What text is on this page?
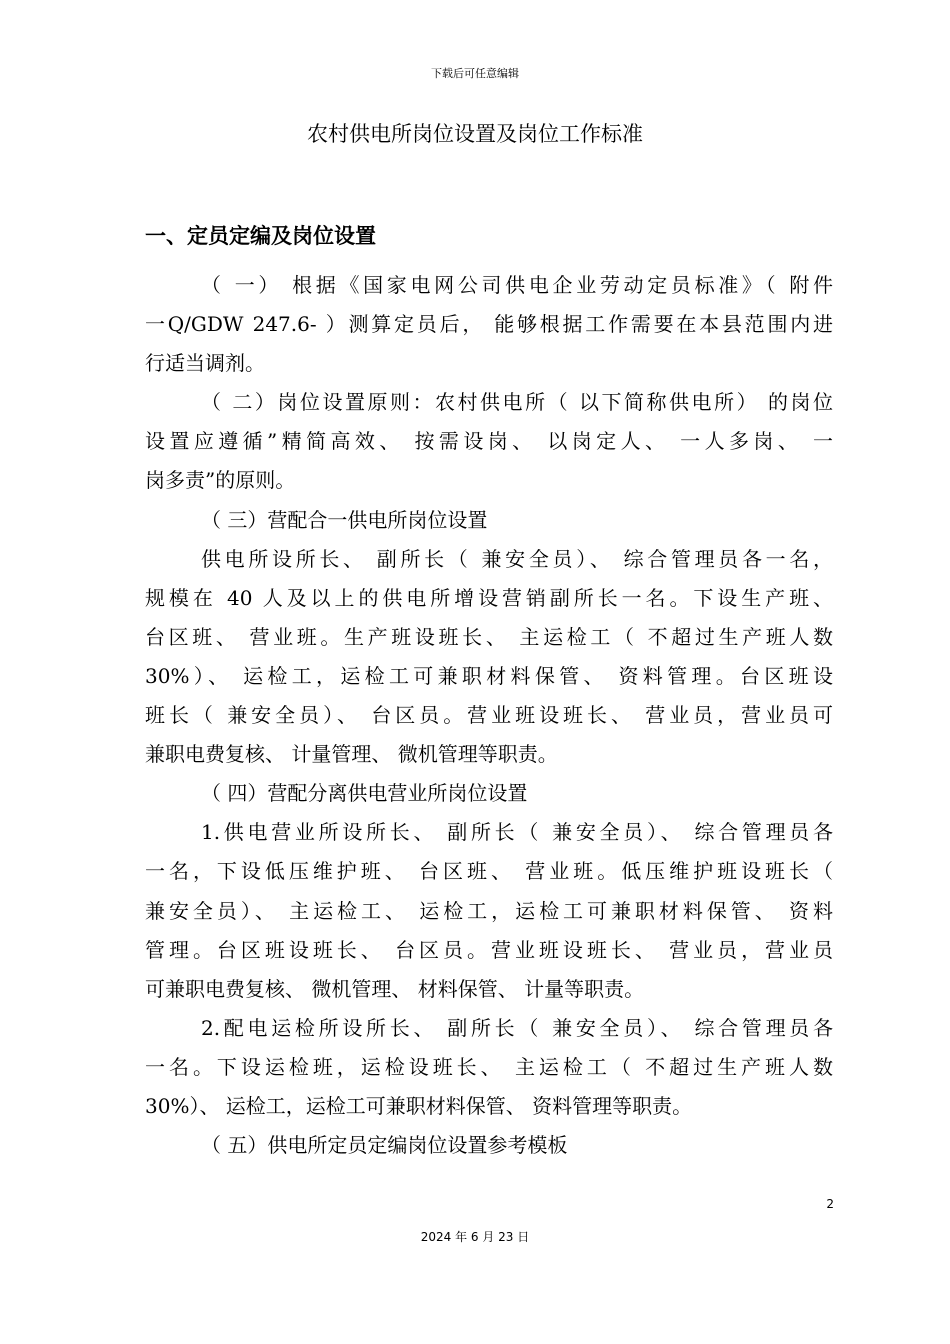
下载后可任意编辑
农村供电所岗位设置及岗位工作标准
一、定员定编及岗位设置
（ 一） 根据《国家电网公司供电企业劳动定员标准》（ 附件
一Q/GDW 247.6- ）测算定员后， 能够根据工作需要在本县范围内进
行适当调剂。
（ 二）岗位设置原则：农村供电所（ 以下简称供电所） 的岗位
设置应遵循”精简高效、 按需设岗、 以岗定人、 一人多岗、 一
岗多责”的原则。
（ 三）营配合一供电所岗位设置
供电所设所长、 副所长（ 兼安全员）、 综合管理员各一名，
规模在 40 人及以上的供电所增设营销副所长一名。下设生产班、
台区班、 营业班。生产班设班长、 主运检工（ 不超过生产班人数
30%）、 运检工，运检工可兼职材料保管、 资料管理。台区班设
班长（ 兼安全员）、 台区员。营业班设班长、 营业员，营业员可
兼职电费复核、 计量管理、 微机管理等职责。
（ 四）营配分离供电营业所岗位设置
1.供电营业所设所长、 副所长（ 兼安全员）、 综合管理员各
一名，下设低压维护班、 台区班、 营业班。低压维护班设班长（
兼安全员）、 主运检工、 运检工，运检工可兼职材料保管、 资料
管理。台区班设班长、 台区员。营业班设班长、 营业员，营业员
可兼职电费复核、 微机管理、 材料保管、 计量等职责。
2.配电运检所设所长、 副所长（ 兼安全员）、 综合管理员各
一名。下设运检班，运检设班长、 主运检工（ 不超过生产班人数
30%）、 运检工，运检工可兼职材料保管、 资料管理等职责。
（ 五）供电所定员定编岗位设置参考模板
2
2024 年 6 月 23 日
